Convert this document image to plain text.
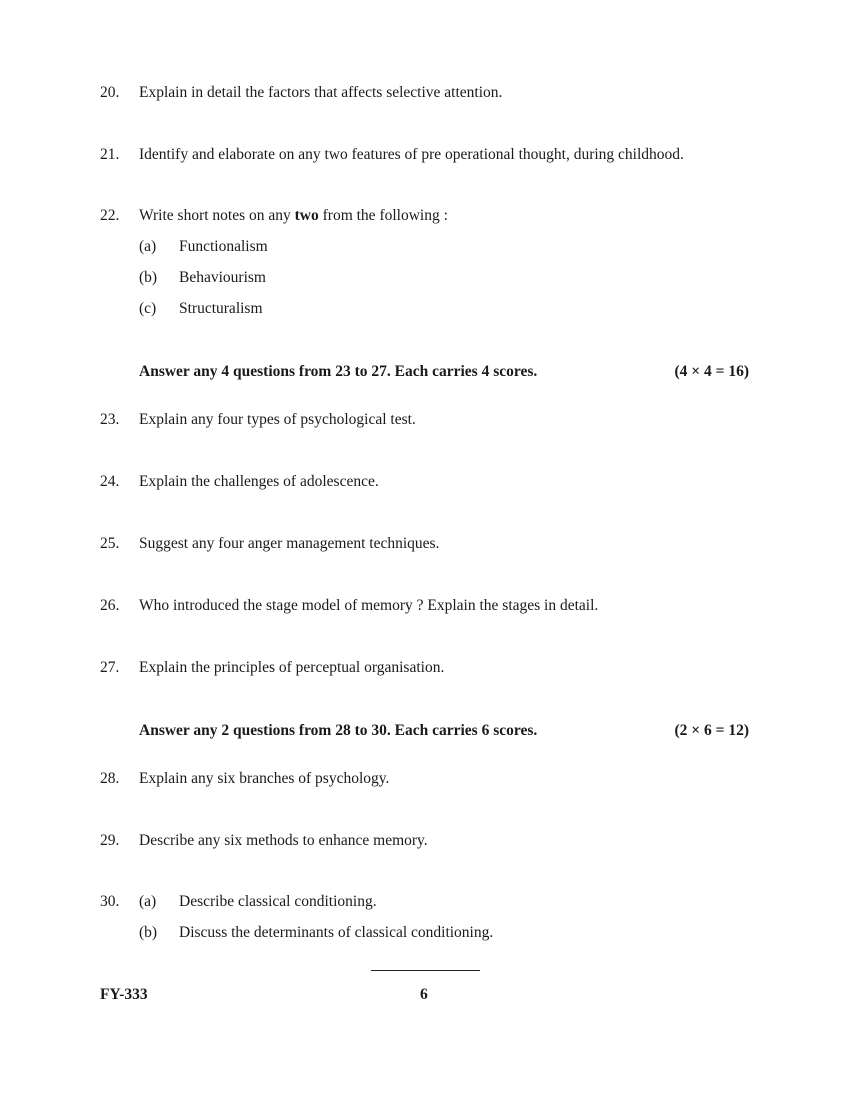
20. Explain in detail the factors that affects selective attention.
21. Identify and elaborate on any two features of pre operational thought, during childhood.
22. Write short notes on any two from the following :
(a) Functionalism
(b) Behaviourism
(c) Structuralism
Answer any 4 questions from 23 to 27. Each carries 4 scores.	(4 × 4 = 16)
23. Explain any four types of psychological test.
24. Explain the challenges of adolescence.
25. Suggest any four anger management techniques.
26. Who introduced the stage model of memory ? Explain the stages in detail.
27. Explain the principles of perceptual organisation.
Answer any 2 questions from 28 to 30. Each carries 6 scores.	(2 × 6 = 12)
28. Explain any six branches of psychology.
29. Describe any six methods to enhance memory.
30. (a) Describe classical conditioning.
(b) Discuss the determinants of classical conditioning.
FY-333	6
